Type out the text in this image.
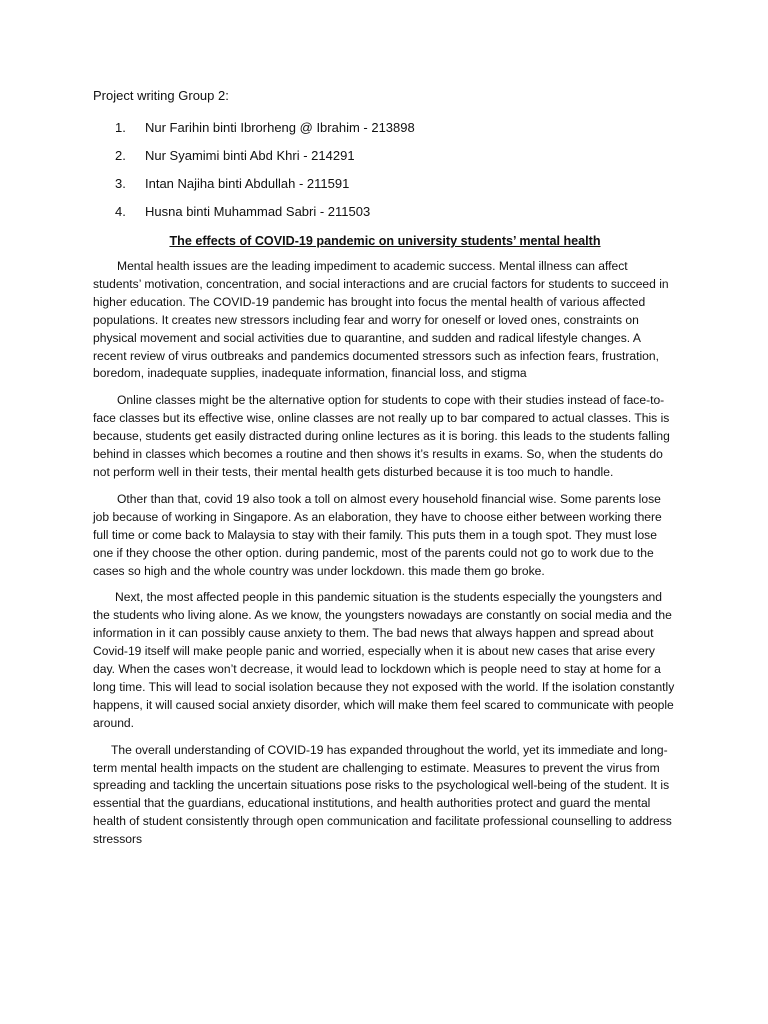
Project writing Group 2:
1.	Nur Farihin binti Ibrorheng @ Ibrahim - 213898
2.	Nur Syamimi binti Abd Khri - 214291
3.	Intan Najiha binti Abdullah - 211591
4.	Husna binti Muhammad Sabri - 211503
The effects of COVID-19 pandemic on university students’ mental health

Mental health issues are the leading impediment to academic success. Mental illness can affect students’ motivation, concentration, and social interactions and are crucial factors for students to succeed in higher education. The COVID-19 pandemic has brought into focus the mental health of various affected populations. It creates new stressors including fear and worry for oneself or loved ones, constraints on physical movement and social activities due to quarantine, and sudden and radical lifestyle changes. A recent review of virus outbreaks and pandemics documented stressors such as infection fears, frustration, boredom, inadequate supplies, inadequate information, financial loss, and stigma

Online classes might be the alternative option for students to cope with their studies instead of face-to-face classes but its effective wise, online classes are not really up to bar compared to actual classes. This is because, students get easily distracted during online lectures as it is boring. this leads to the students falling behind in classes which becomes a routine and then shows it’s results in exams. So, when the students do not perform well in their tests, their mental health gets disturbed because it is too much to handle.

Other than that, covid 19 also took a toll on almost every household financial wise. Some parents lose job because of working in Singapore. As an elaboration, they have to choose either between working there full time or come back to Malaysia to stay with their family. This puts them in a tough spot. They must lose one if they choose the other option. during pandemic, most of the parents could not go to work due to the cases so high and the whole country was under lockdown. this made them go broke.

Next, the most affected people in this pandemic situation is the students especially the youngsters and the students who living alone. As we know, the youngsters nowadays are constantly on social media and the information in it can possibly cause anxiety to them. The bad news that always happen and spread about Covid-19 itself will make people panic and worried, especially when it is about new cases that arise every day. When the cases won’t decrease, it would lead to lockdown which is people need to stay at home for a long time. This will lead to social isolation because they not exposed with the world. If the isolation constantly happens, it will caused social anxiety disorder, which will make them feel scared to communicate with people around.

The overall understanding of COVID-19 has expanded throughout the world, yet its immediate and long-term mental health impacts on the student are challenging to estimate. Measures to prevent the virus from spreading and tackling the uncertain situations pose risks to the psychological well-being of the student. It is essential that the guardians, educational institutions, and health authorities protect and guard the mental health of student consistently through open communication and facilitate professional counselling to address stressors
